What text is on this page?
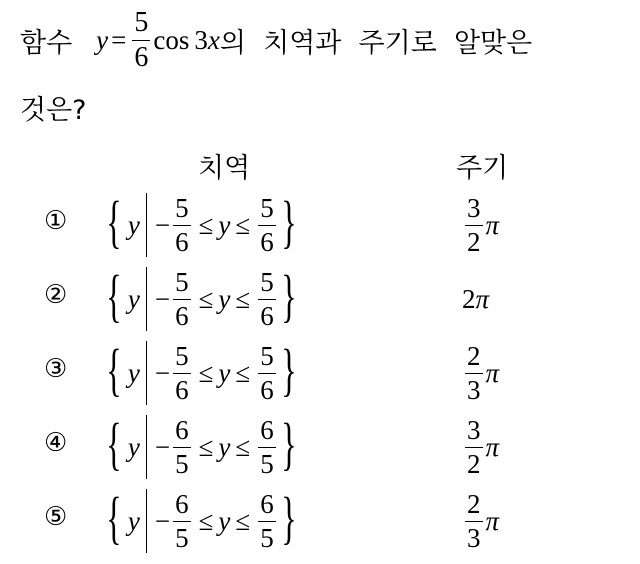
함수 $y = \frac{5}{6}$ cos 3 x 의  치역과  주기로  알맞은
것은?
치역	주기
① { $y - \frac{5}{6} \le y \le \frac{5}{6}$ }	$\frac{3}{2}$ π
② { $y - \frac{5}{6} \le y \le \frac{5}{6}$ }	2 π
③ { $y - \frac{5}{6} \le y \le \frac{5}{6}$ }	$\frac{2}{3}$ π
④ { $y - \frac{6}{5} \le y \le \frac{6}{5}$ }	$\frac{3}{2}$ π
⑤ { $y - \frac{6}{5} \le y \le \frac{6}{5}$ }	$\frac{2}{3}$ π
